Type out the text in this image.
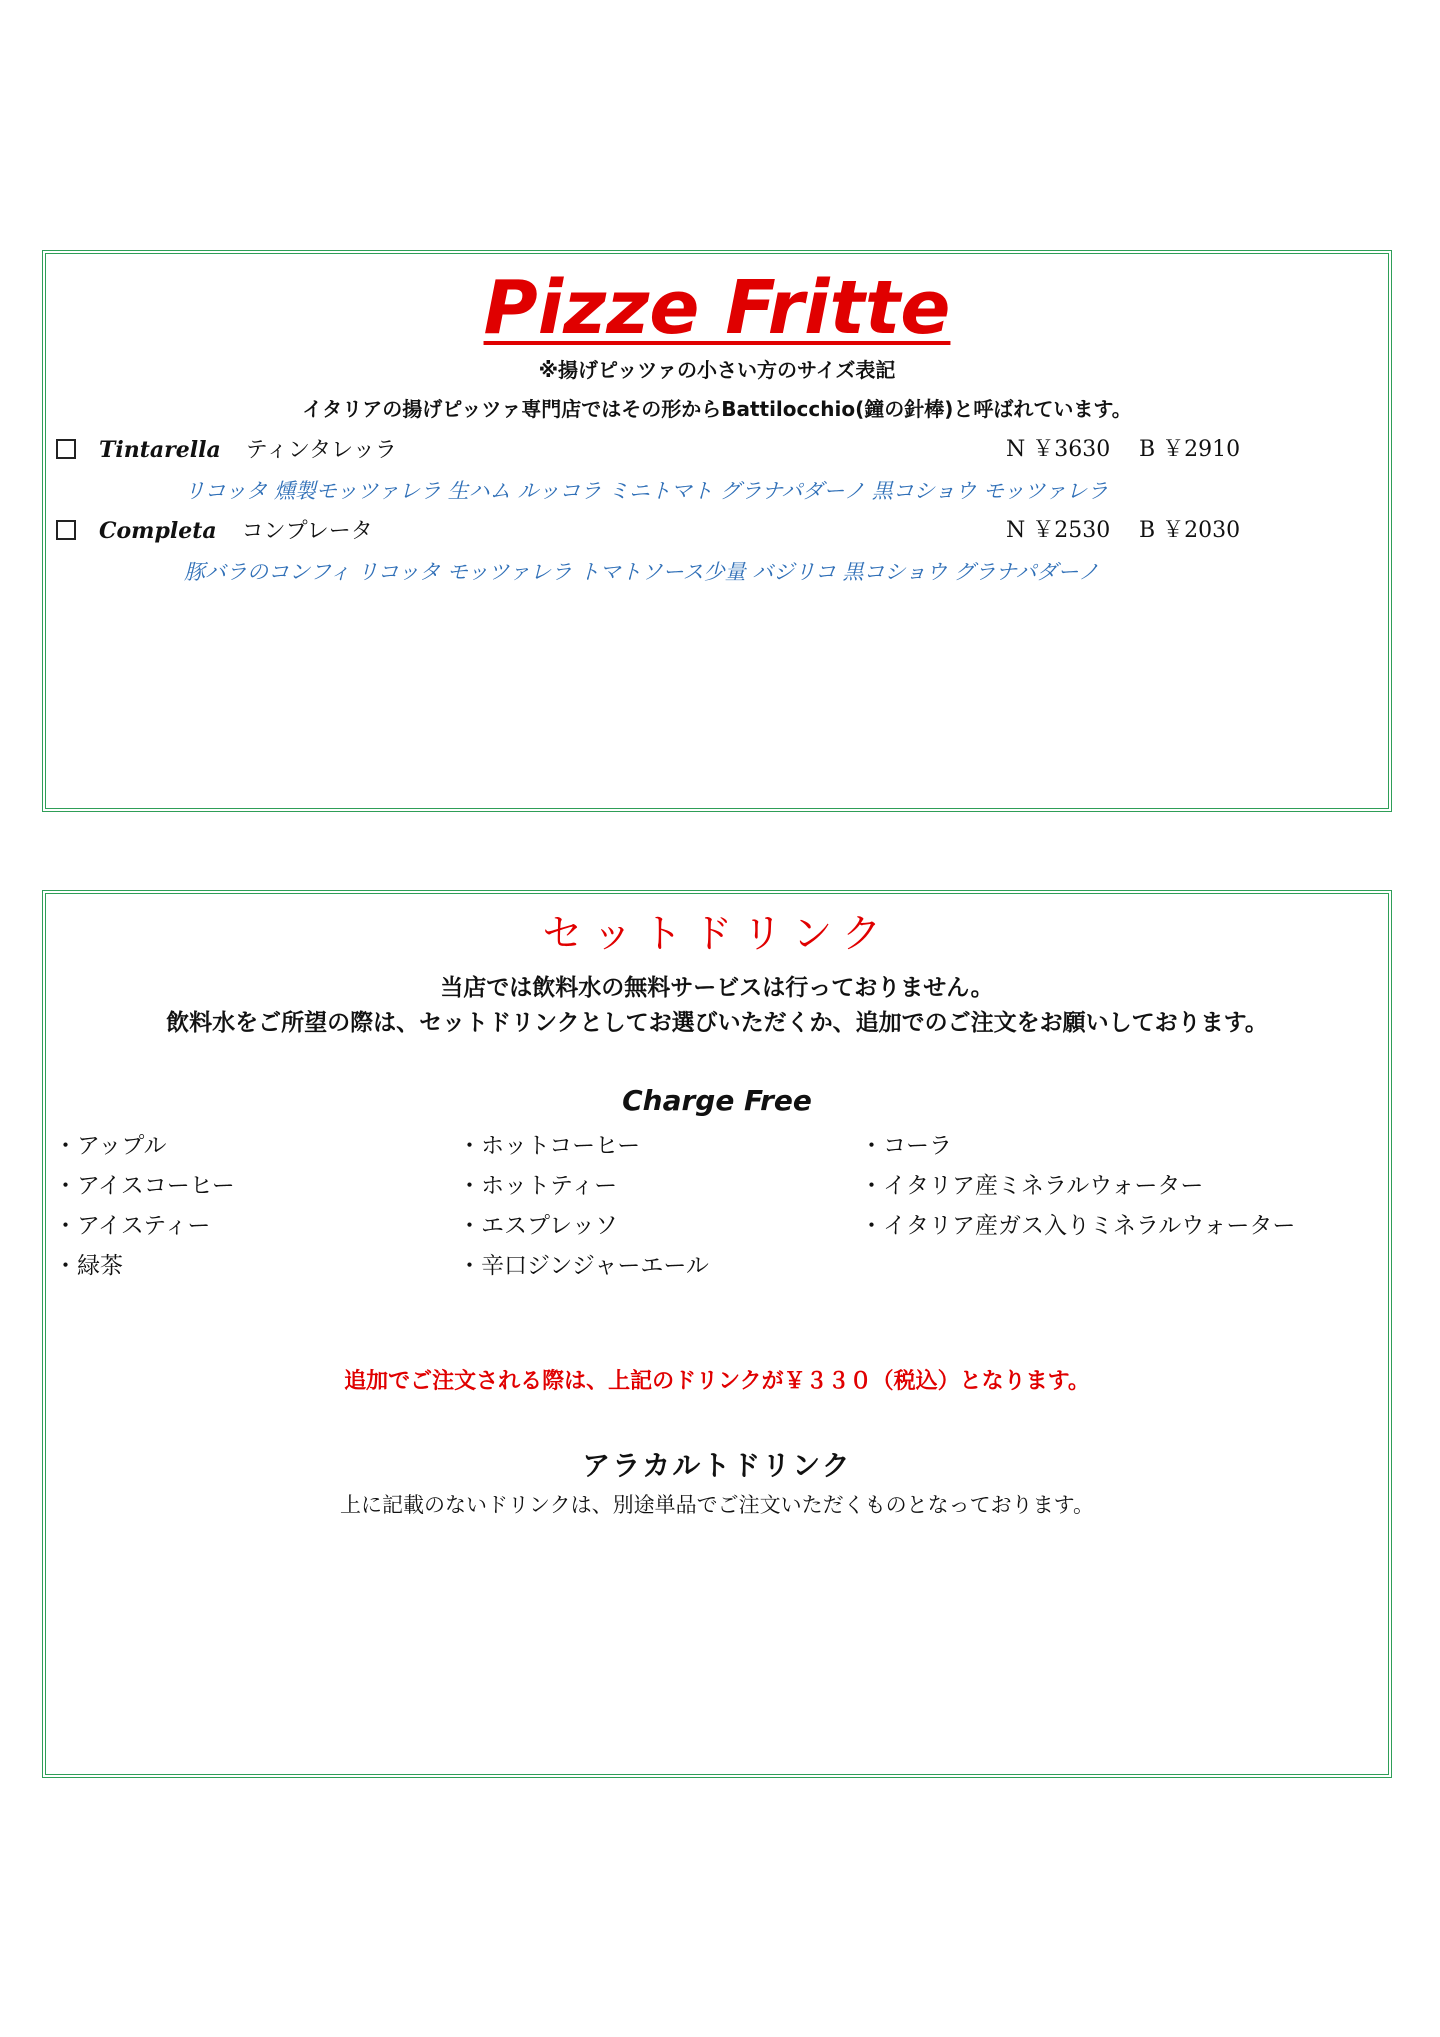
Pizze Fritte
※揚げピッツァの小さい方のサイズ表記
イタリアの揚げピッツァ専門店ではその形からBattilocchio(鐘の針棒)と呼ばれています。
Tintarella ティンタレッラ	N ￥3630 B ￥2910
リコッタ 燻製モッツァレラ 生ハム ルッコラ ミニトマト グラナパダーノ 黒コショウ モッツァレラ
Completa コンプレータ	N ￥2530 B ￥2030
豚バラのコンフィ リコッタ モッツァレラ トマトソース少量 バジリコ 黒コショウ グラナパダーノ
セットドリンク
当店では飲料水の無料サービスは行っておりません。
飲料水をご所望の際は、セットドリンクとしてお選びいただくか、追加でのご注文をお願いしております。
Charge Free
・アップル
・アイスコーヒー
・アイスティー
・緑茶
・ホットコーヒー
・ホットティー
・エスプレッソ
・辛口ジンジャーエール
・コーラ
・イタリア産ミネラルウォーター
・イタリア産ガス入りミネラルウォーター
追加でご注文される際は、上記のドリンクが￥３３０（税込）となります。
アラカルトドリンク
上に記載のないドリンクは、別途単品でご注文いただくものとなっております。
